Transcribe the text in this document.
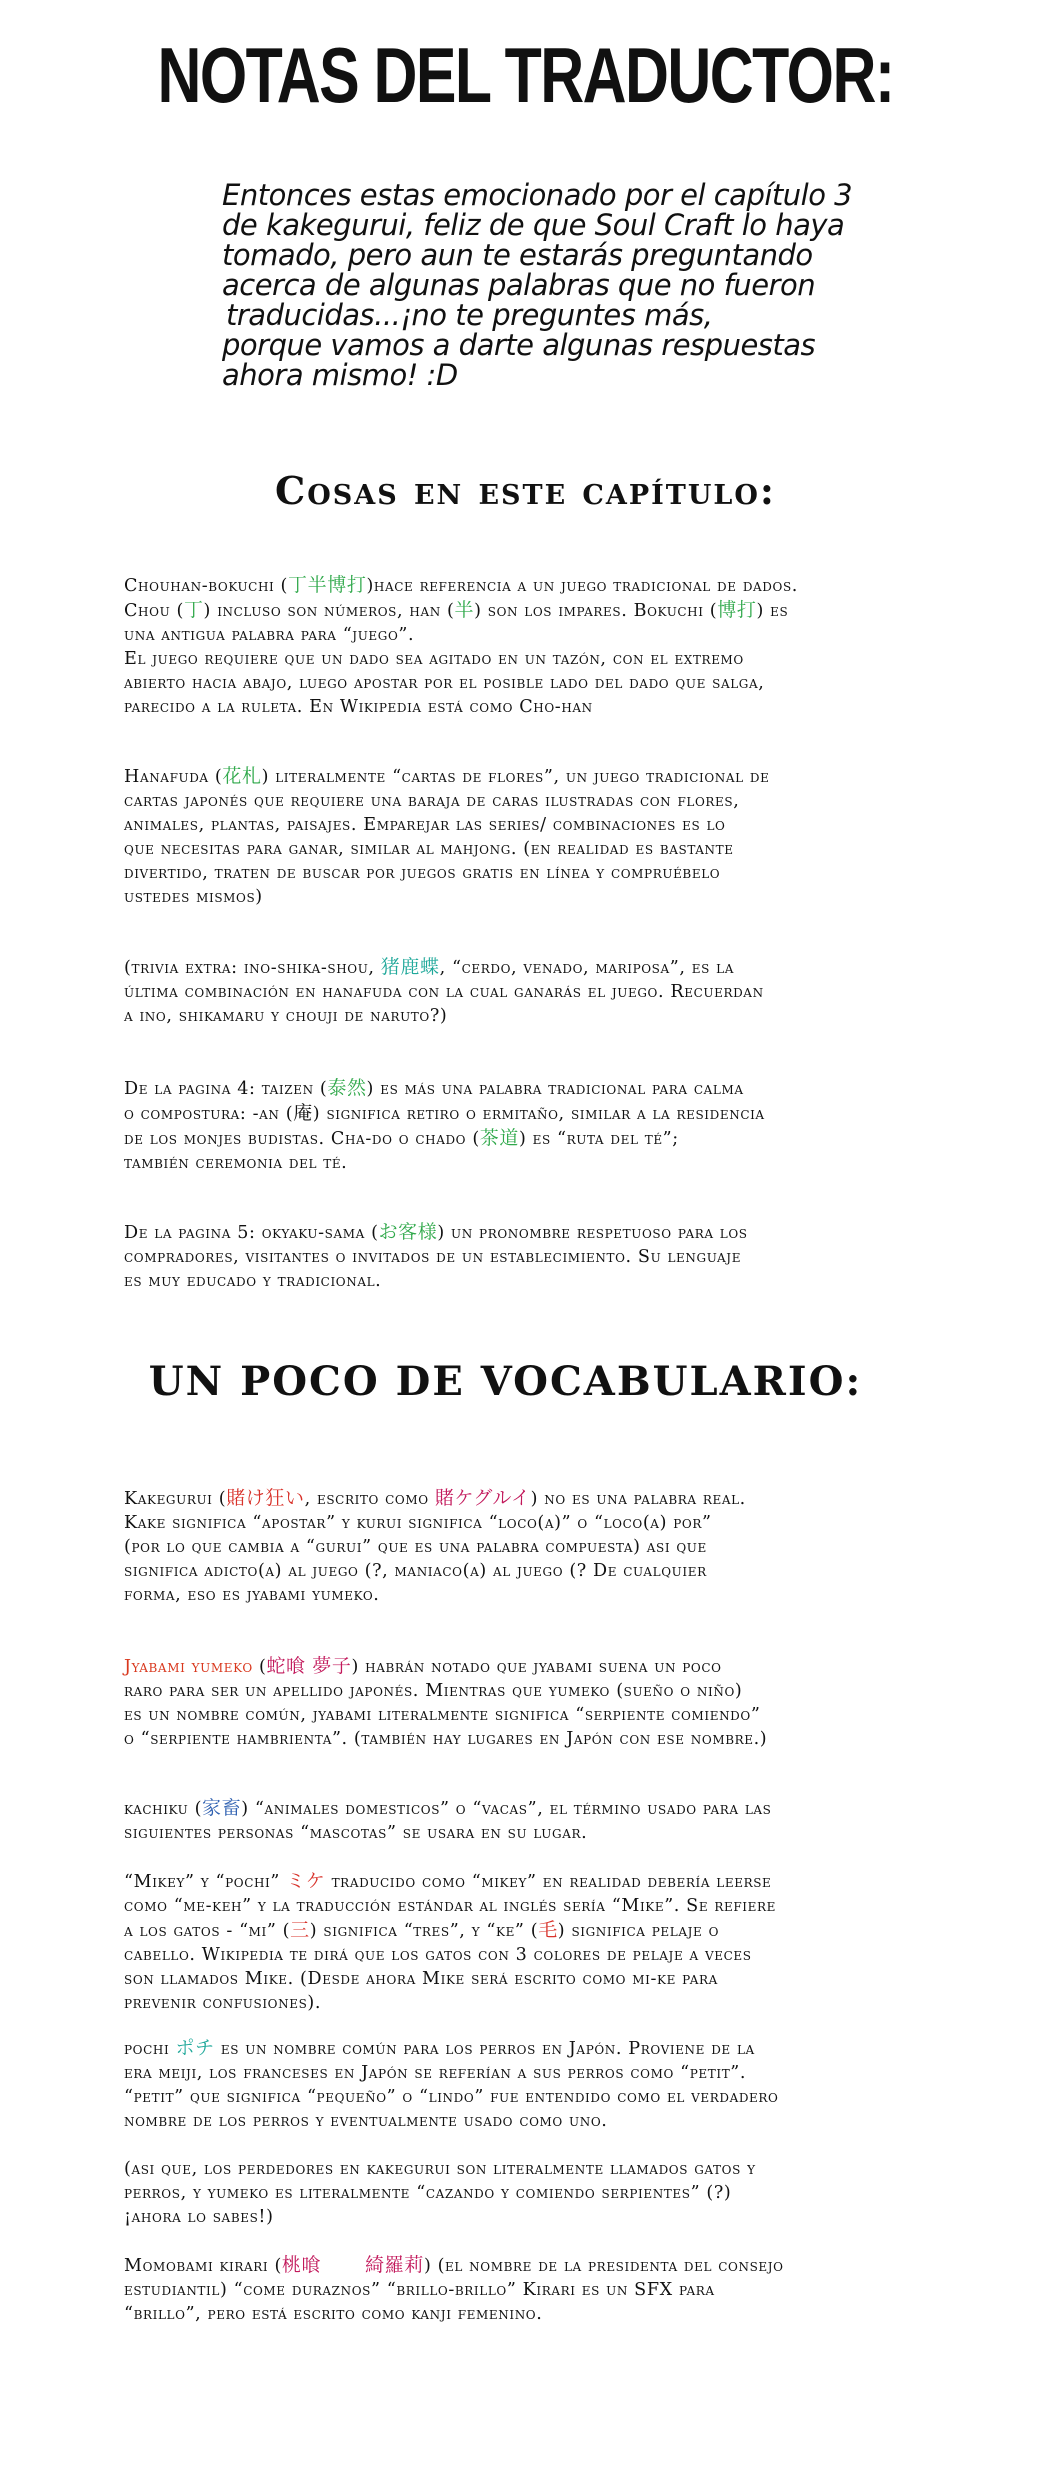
NOTAS DEL TRADUCTOR:
Entonces estas emocionado por el capítulo 3
de kakegurui, feliz de que Soul Craft lo haya
tomado, pero aun te estarás preguntando
acerca de algunas palabras que no fueron
traducidas...¡no te preguntes más,
porque vamos a darte algunas respuestas
ahora mismo! :D
Cosas en este capítulo:
Chouhan-bokuchi (丁半博打)hace referencia a un juego tradicional de dados.
Chou (丁) incluso son números, han (半) son los impares. Bokuchi (博打) es
una antigua palabra para “juego”.
El juego requiere que un dado sea agitado en un tazón, con el extremo
abierto hacia abajo, luego apostar por el posible lado del dado que salga,
parecido a la ruleta. En Wikipedia está como Cho-han
Hanafuda (花札) literalmente “cartas de flores”, un juego tradicional de
cartas japonés que requiere una baraja de caras ilustradas con flores,
animales, plantas, paisajes. Emparejar las series/ combinaciones es lo
que necesitas para ganar, similar al mahjong. (en realidad es bastante
divertido, traten de buscar por juegos gratis en línea y compruébelo
ustedes mismos)
(trivia extra: ino-shika-shou, 猪鹿蝶, “cerdo, venado, mariposa”, es la
última combinación en hanafuda con la cual ganarás el juego. Recuerdan
a ino, shikamaru y chouji de naruto?)
De la pagina 4: taizen (泰然) es más una palabra tradicional para calma
o compostura: -an (庵) significa retiro o ermitaño, similar a la residencia
de los monjes budistas. Cha-do o chado (茶道) es “ruta del té”;
también ceremonia del té.
De la pagina 5: okyaku-sama (お客様) un pronombre respetuoso para los
compradores, visitantes o invitados de un establecimiento. Su lenguaje
es muy educado y tradicional.
UN POCO DE VOCABULARIO:
Kakegurui (賭け狂い, escrito como 賭ケグルイ) no es una palabra real.
Kake significa “apostar” y kurui significa “loco(a)” o “loco(a) por”
(por lo que cambia a “gurui” que es una palabra compuesta) asi que
significa adicto(a) al juego (?, maniaco(a) al juego (? De cualquier
forma, eso es jyabami yumeko.
Jyabami yumeko (蛇喰 夢子) habrán notado que jyabami suena un poco
raro para ser un apellido japonés. Mientras que yumeko (sueño o niño)
es un nombre común, jyabami literalmente significa “serpiente comiendo”
o “serpiente hambrienta”. (también hay lugares en Japón con ese nombre.)
kachiku (家畜) “animales domesticos” o “vacas”, el término usado para las
siguientes personas “mascotas” se usara en su lugar.
“Mikey” y “pochi” ミケ traducido como “mikey” en realidad debería leerse
como “me-keh” y la traducción estándar al inglés sería “Mike”. Se refiere
a los gatos - “mi” (三) significa “tres”, y “ke” (毛) significa pelaje o
cabello. Wikipedia te dirá que los gatos con 3 colores de pelaje a veces
son llamados Mike. (Desde ahora Mike será escrito como mi-ke para
prevenir confusiones).
pochi ポチ es un nombre común para los perros en Japón. Proviene de la
era meiji, los franceses en Japón se referían a sus perros como “petit”.
“petit” que significa “pequeño” o “lindo” fue entendido como el verdadero
nombre de los perros y eventualmente usado como uno.
(asi que, los perdedores en kakegurui son literalmente llamados gatos y
perros, y yumeko es literalmente “cazando y comiendo serpientes” (?)
¡ahora lo sabes!)
Momobami kirari (桃喰 綺羅莉) (el nombre de la presidenta del consejo
estudiantil) “come duraznos” “brillo-brillo” Kirari es un SFX para
“brillo”, pero está escrito como kanji femenino.
